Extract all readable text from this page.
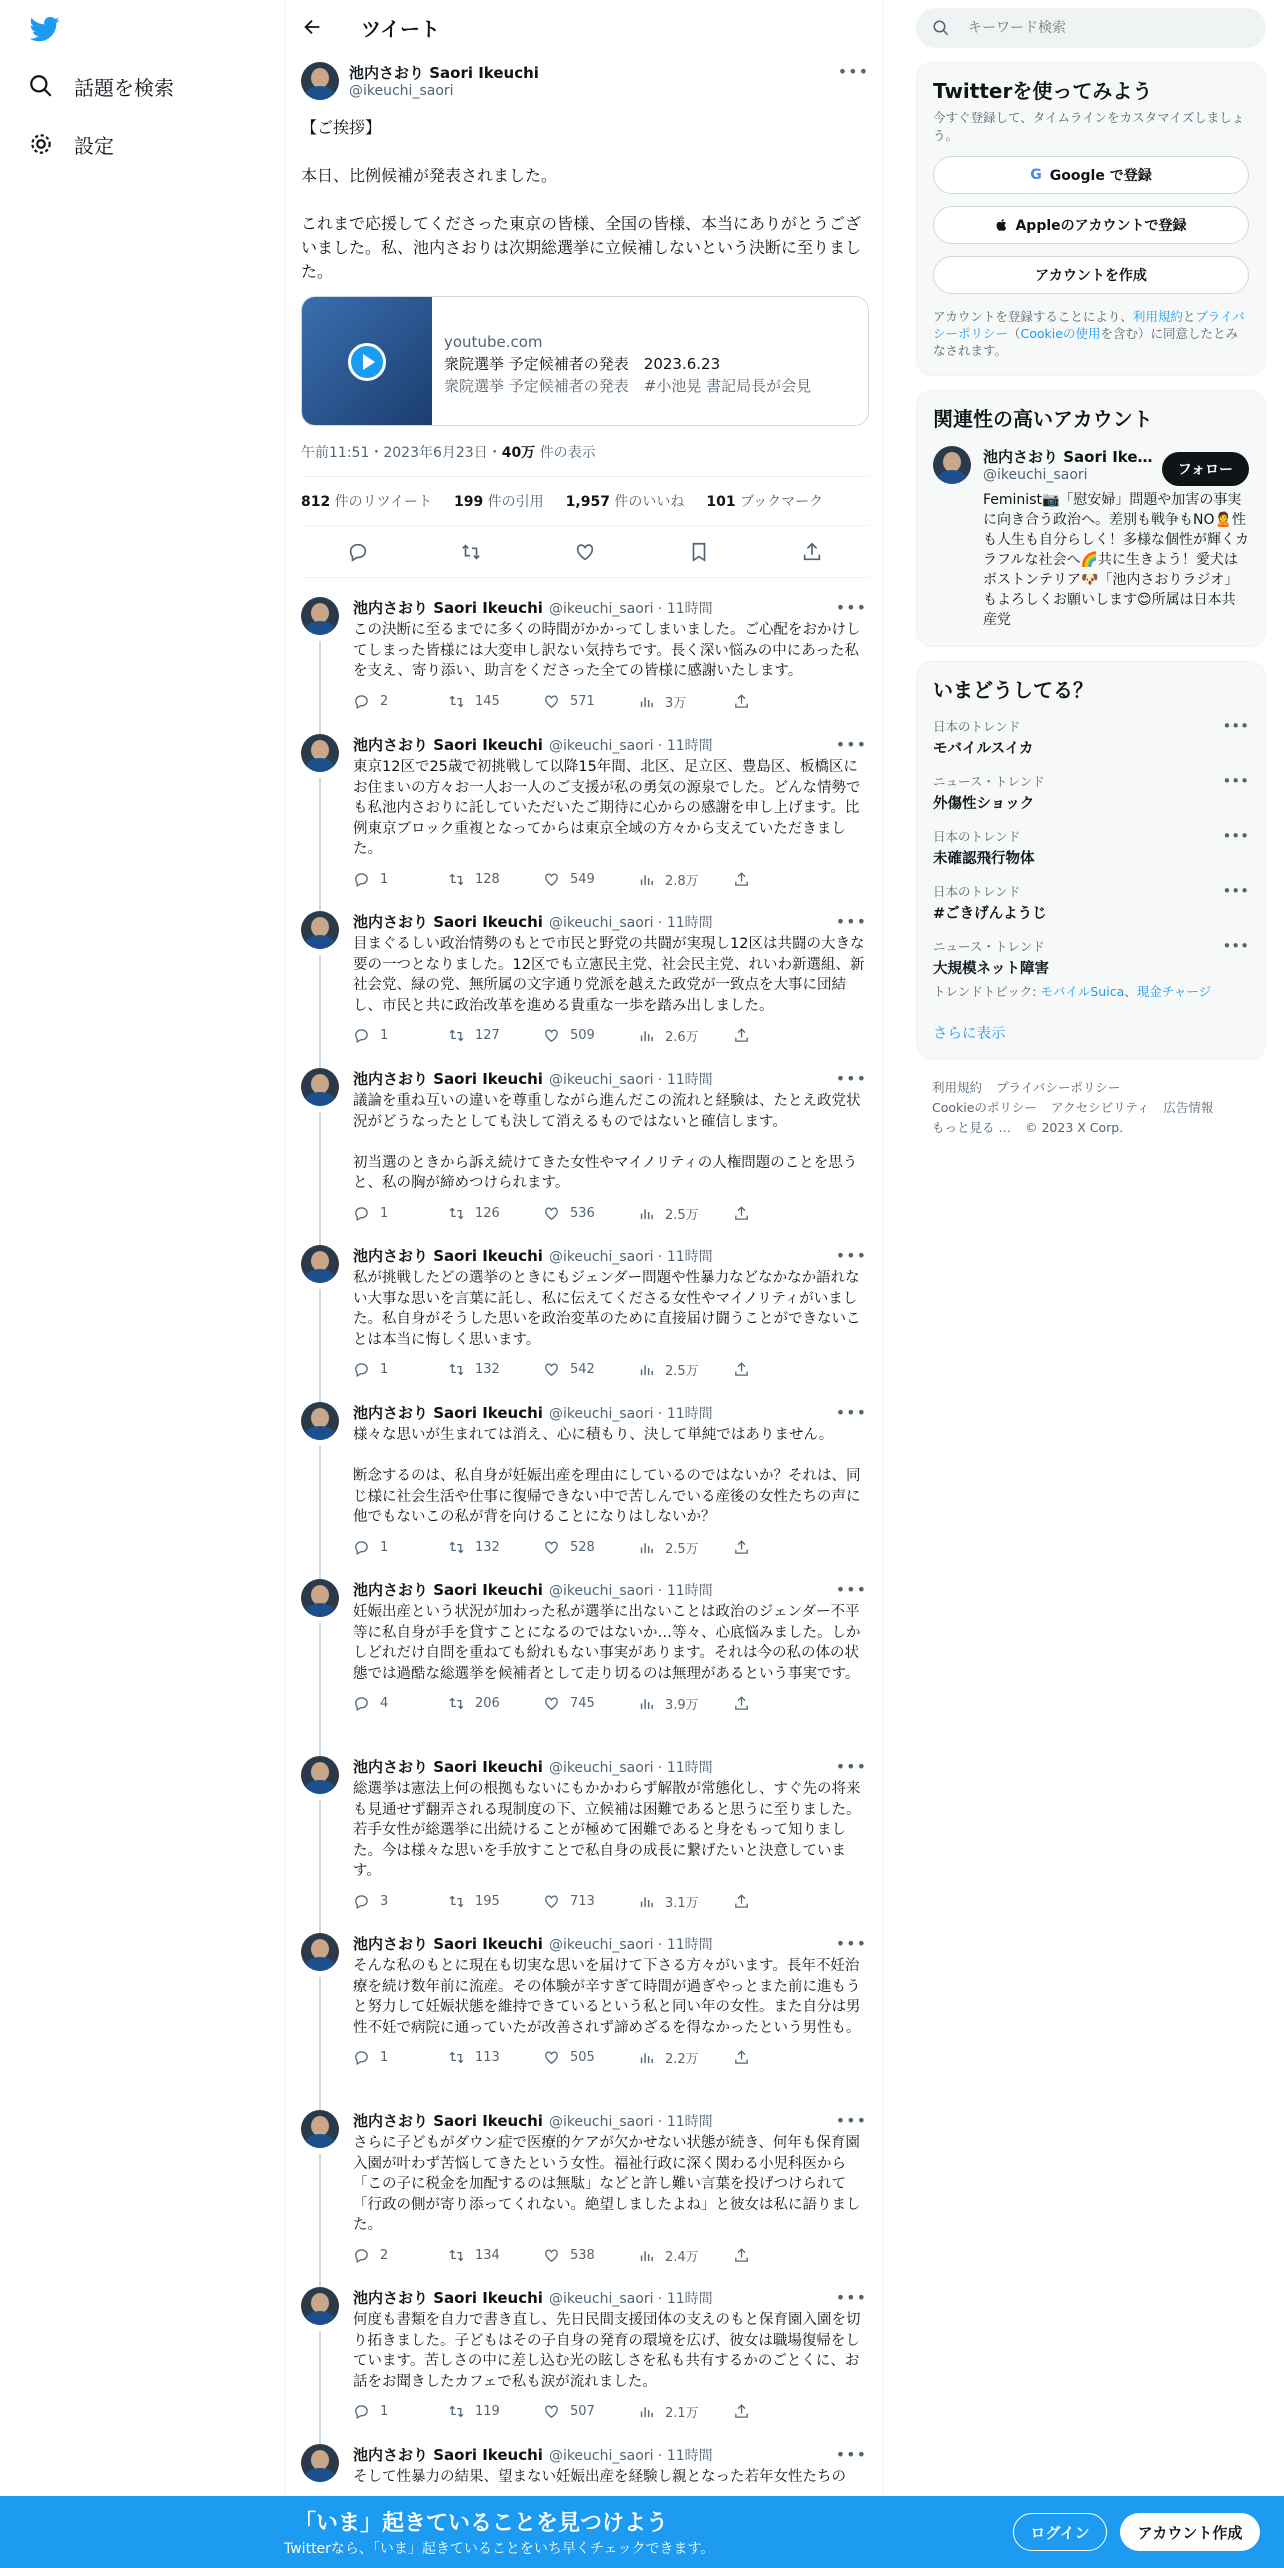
話題を検索
設定
ツイート
池内さおり Saori Ikeuchi
@ikeuchi_saori
•••
【ご挨拶】

本日、比例候補が発表されました。

これまで応援してくださった東京の皆様、全国の皆様、本当にありがとうございました。私、池内さおりは次期総選挙に立候補しないという決断に至りました。
youtube.com
衆院選挙 予定候補者の発表　2023.6.23
衆院選挙 予定候補者の発表　#小池晃 書記局長が会見
午前11:51・2023年6月23日・40万 件の表示
812 件のリツイート 199 件の引用 1,957 件のいいね 101 ブックマーク
池内さおり Saori Ikeuchi @ikeuchi_saori · 11時間	•••
この決断に至るまでに多くの時間がかかってしまいました。ご心配をおかけしてしまった皆様には大変申し訳ない気持ちです。長く深い悩みの中にあった私を支え、寄り添い、助言をくださった全ての皆様に感謝いたします。
2	145	571	3万
池内さおり Saori Ikeuchi @ikeuchi_saori · 11時間	•••
東京12区で25歳で初挑戦して以降15年間、北区、足立区、豊島区、板橋区にお住まいの方々お一人お一人のご支援が私の勇気の源泉でした。どんな情勢でも私池内さおりに託していただいたご期待に心からの感謝を申し上げます。比例東京ブロック重複となってからは東京全域の方々から支えていただきました。
1	128	549	2.8万
池内さおり Saori Ikeuchi @ikeuchi_saori · 11時間	•••
目まぐるしい政治情勢のもとで市民と野党の共闘が実現し12区は共闘の大きな要の一つとなりました。12区でも立憲民主党、社会民主党、れいわ新選組、新社会党、緑の党、無所属の文字通り党派を越えた政党が一致点を大事に団結し、市民と共に政治改革を進める貴重な一歩を踏み出しました。
1	127	509	2.6万
池内さおり Saori Ikeuchi @ikeuchi_saori · 11時間	•••
議論を重ね互いの違いを尊重しながら進んだこの流れと経験は、たとえ政党状況がどうなったとしても決して消えるものではないと確信します。

初当選のときから訴え続けてきた女性やマイノリティの人権問題のことを思うと、私の胸が締めつけられます。
1	126	536	2.5万
池内さおり Saori Ikeuchi @ikeuchi_saori · 11時間	•••
私が挑戦したどの選挙のときにもジェンダー問題や性暴力などなかなか語れない大事な思いを言葉に託し、私に伝えてくださる女性やマイノリティがいました。私自身がそうした思いを政治変革のために直接届け闘うことができないことは本当に悔しく思います。
1	132	542	2.5万
池内さおり Saori Ikeuchi @ikeuchi_saori · 11時間	•••
様々な思いが生まれては消え、心に積もり、決して単純ではありません。

断念するのは、私自身が妊娠出産を理由にしているのではないか？それは、同じ様に社会生活や仕事に復帰できない中で苦しんでいる産後の女性たちの声に他でもないこの私が背を向けることになりはしないか？
1	132	528	2.5万
池内さおり Saori Ikeuchi @ikeuchi_saori · 11時間	•••
妊娠出産という状況が加わった私が選挙に出ないことは政治のジェンダー不平等に私自身が手を貸すことになるのではないか…等々、心底悩みました。しかしどれだけ自問を重ねても紛れもない事実があります。それは今の私の体の状態では過酷な総選挙を候補者として走り切るのは無理があるという事実です。
4	206	745	3.9万
池内さおり Saori Ikeuchi @ikeuchi_saori · 11時間	•••
総選挙は憲法上何の根拠もないにもかかわらず解散が常態化し、すぐ先の将来も見通せず翻弄される現制度の下、立候補は困難であると思うに至りました。若手女性が総選挙に出続けることが極めて困難であると身をもって知りました。今は様々な思いを手放すことで私自身の成長に繋げたいと決意しています。
3	195	713	3.1万
池内さおり Saori Ikeuchi @ikeuchi_saori · 11時間	•••
そんな私のもとに現在も切実な思いを届けて下さる方々がいます。長年不妊治療を続け数年前に流産。その体験が辛すぎて時間が過ぎやっとまた前に進もうと努力して妊娠状態を維持できているという私と同い年の女性。また自分は男性不妊で病院に通っていたが改善されず諦めざるを得なかったという男性も。
1	113	505	2.2万
池内さおり Saori Ikeuchi @ikeuchi_saori · 11時間	•••
さらに子どもがダウン症で医療的ケアが欠かせない状態が続き、何年も保育園入園が叶わず苦悩してきたという女性。福祉行政に深く関わる小児科医から「この子に税金を加配するのは無駄」などと許し難い言葉を投げつけられて「行政の側が寄り添ってくれない。絶望しましたよね」と彼女は私に語りました。
2	134	538	2.4万
池内さおり Saori Ikeuchi @ikeuchi_saori · 11時間	•••
何度も書類を自力で書き直し、先日民間支援団体の支えのもと保育園入園を切り拓きました。子どもはその子自身の発育の環境を広げ、彼女は職場復帰をしています。苦しさの中に差し込む光の眩しさを私も共有するかのごとくに、お話をお聞きしたカフェで私も涙が流れました。
1	119	507	2.1万
池内さおり Saori Ikeuchi @ikeuchi_saori · 11時間	•••
そして性暴力の結果、望まない妊娠出産を経験し親となった若年女性たちの
キーワード検索
Twitterを使ってみよう
今すぐ登録して、タイムラインをカスタマイズしましょう。
G Google で登録
Appleのアカウントで登録
アカウントを作成
アカウントを登録することにより、利用規約とプライバシーポリシー（Cookieの使用を含む）に同意したとみなされます。
関連性の高いアカウント
池内さおり Saori Ike…
@ikeuchi_saori	フォロー
Feminist📷「慰安婦」問題や加害の事実に向き合う政治へ。差別も戦争もNO🙎性も人生も自分らしく！多様な個性が輝くカラフルな社会へ🌈共に生きよう！愛犬はボストンテリア🐶「池内さおりラジオ」もよろしくお願いします😊所属は日本共産党
いまどうしてる？
日本のトレンド
モバイルスイカ
•••
ニュース・トレンド
外傷性ショック
•••
日本のトレンド
未確認飛行物体
•••
日本のトレンド
#ごきげんようじ
•••
ニュース・トレンド
大規模ネット障害
•••
トレンドトピック: モバイルSuica、現金チャージ
さらに表示
利用規約 プライバシーポリシー
Cookieのポリシー アクセシビリティ 広告情報
もっと見る … © 2023 X Corp.
「いま」起きていることを見つけよう
Twitterなら、「いま」起きていることをいち早くチェックできます。
ログイン	アカウント作成
